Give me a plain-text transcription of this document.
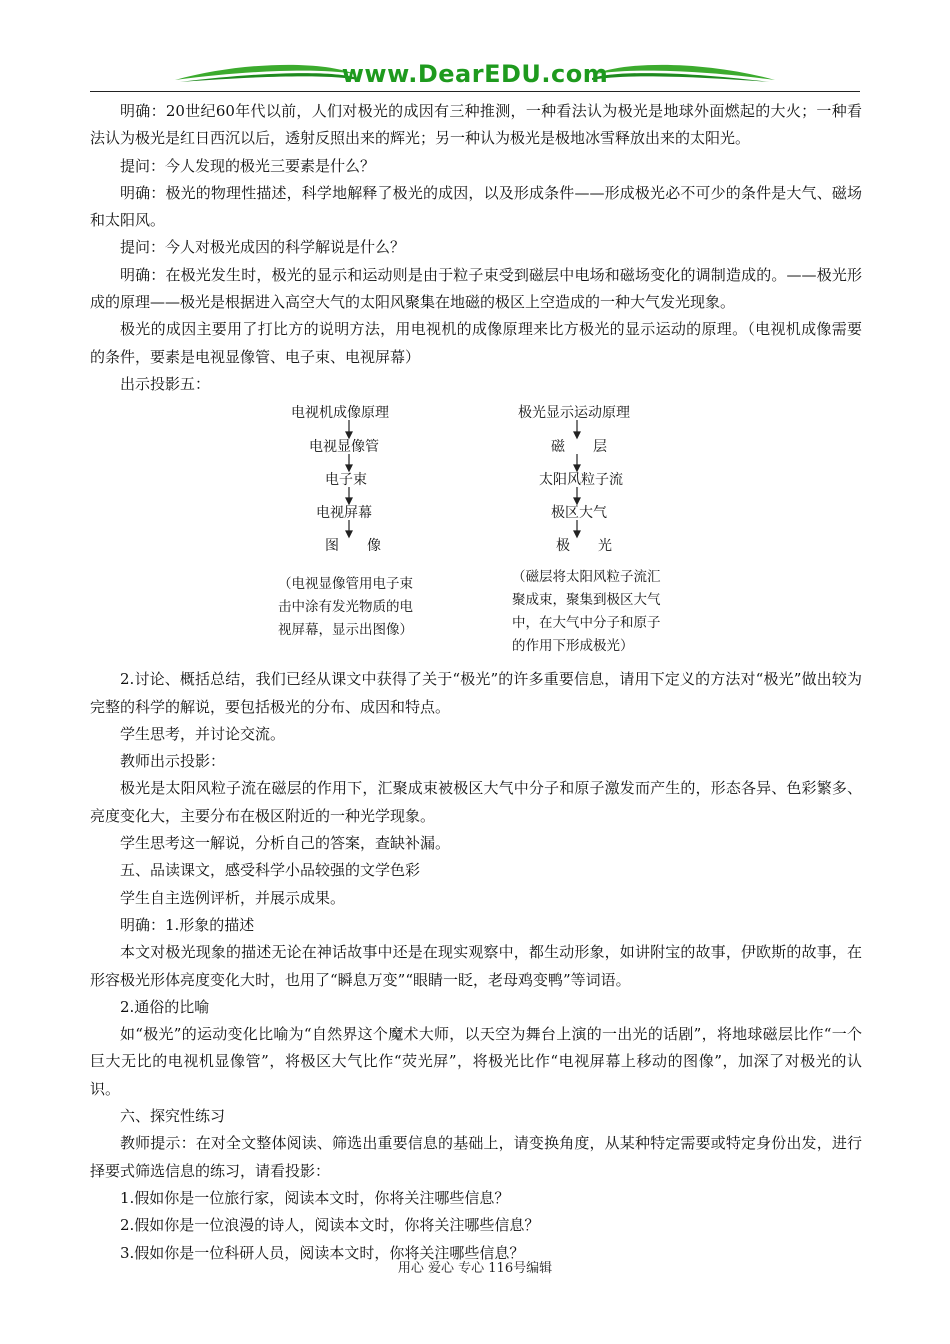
www.DearEDU.com

明确：20世纪60年代以前，人们对极光的成因有三种推测，一种看法认为极光是地球外面燃起的大火；一种看法认为极光是红日西沉以后，透射反照出来的辉光；另一种认为极光是极地冰雪释放出来的太阳光。

提问：今人发现的极光三要素是什么？

明确：极光的物理性描述，科学地解释了极光的成因，以及形成条件——形成极光必不可少的条件是大气、磁场和太阳风。

提问：今人对极光成因的科学解说是什么？

明确：在极光发生时，极光的显示和运动则是由于粒子束受到磁层中电场和磁场变化的调制造成的。——极光形成的原理——极光是根据进入高空大气的太阳风聚集在地磁的极区上空造成的一种大气发光现象。

极光的成因主要用了打比方的说明方法，用电视机的成像原理来比方极光的显示运动的原理。（电视机成像需要的条件，要素是电视显像管、电子束、电视屏幕）

出示投影五：

电视机成像原理
电视显像管
电子束
电视屏幕
图　　像
极光显示运动原理
磁　　层
太阳风粒子流
极区大气
极　　光
（电视显像管用电子束
击中涂有发光物质的电
视屏幕，显示出图像）
（磁层将太阳风粒子流汇
聚成束，聚集到极区大气
中，在大气中分子和原子
的作用下形成极光）

2.讨论、概括总结，我们已经从课文中获得了关于“极光”的许多重要信息，请用下定义的方法对“极光”做出较为完整的科学的解说，要包括极光的分布、成因和特点。

学生思考，并讨论交流。

教师出示投影：

极光是太阳风粒子流在磁层的作用下，汇聚成束被极区大气中分子和原子激发而产生的，形态各异、色彩繁多、亮度变化大，主要分布在极区附近的一种光学现象。

学生思考这一解说，分析自己的答案，查缺补漏。

五、品读课文，感受科学小品较强的文学色彩

学生自主选例评析，并展示成果。

明确：1.形象的描述

本文对极光现象的描述无论在神话故事中还是在现实观察中，都生动形象，如讲附宝的故事，伊欧斯的故事，在形容极光形体亮度变化大时，也用了“瞬息万变”“眼睛一眨，老母鸡变鸭”等词语。

2.通俗的比喻

如“极光”的运动变化比喻为“自然界这个魔术大师，以天空为舞台上演的一出光的话剧”，将地球磁层比作“一个巨大无比的电视机显像管”，将极区大气比作“荧光屏”，将极光比作“电视屏幕上移动的图像”，加深了对极光的认识。

六、探究性练习

教师提示：在对全文整体阅读、筛选出重要信息的基础上，请变换角度，从某种特定需要或特定身份出发，进行择要式筛选信息的练习，请看投影：

1.假如你是一位旅行家，阅读本文时，你将关注哪些信息？

2.假如你是一位浪漫的诗人，阅读本文时，你将关注哪些信息？

3.假如你是一位科研人员，阅读本文时，你将关注哪些信息？

用心 爱心 专心 116号编辑
